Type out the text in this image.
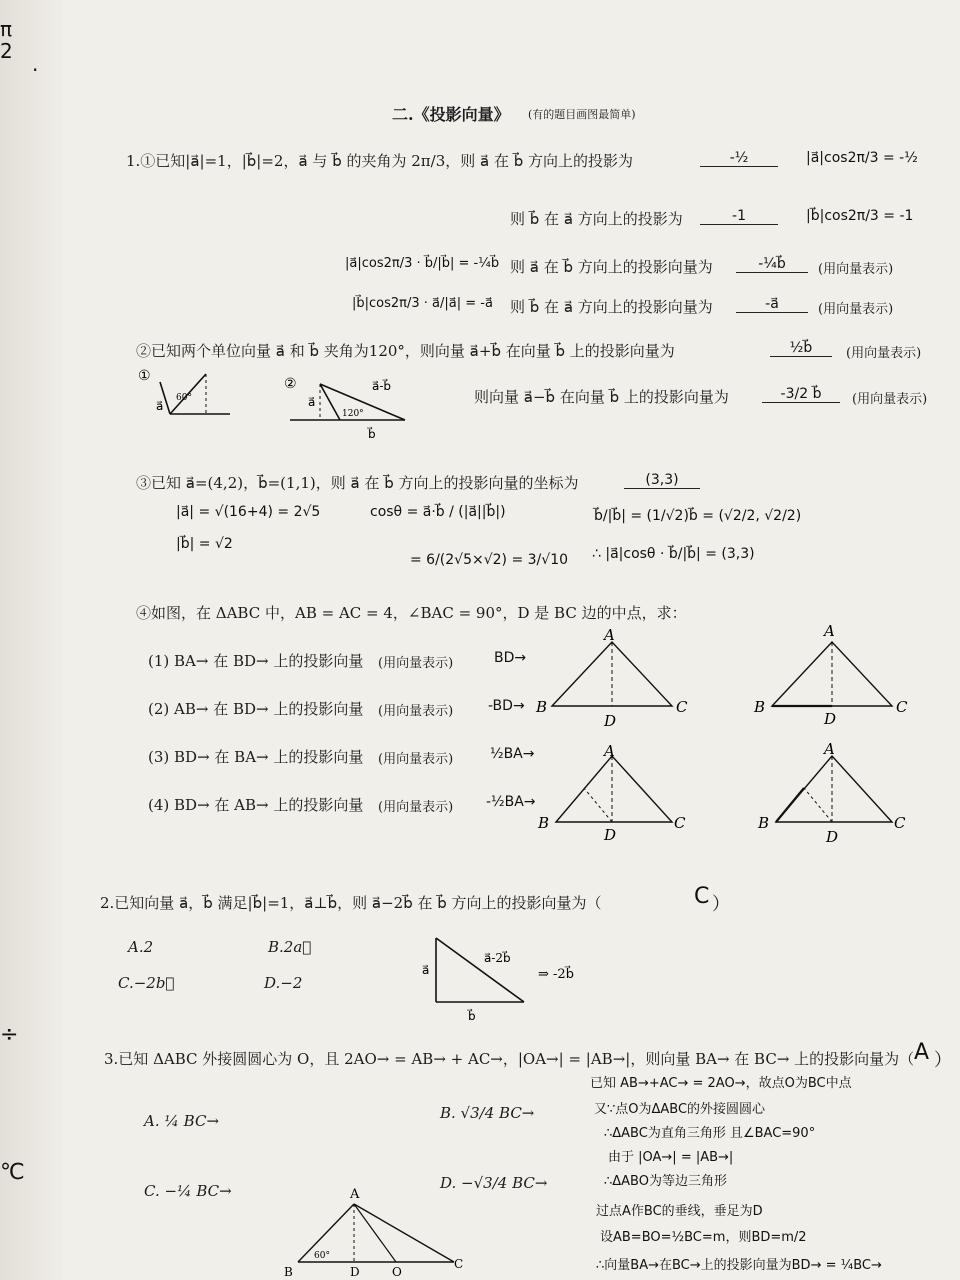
π
2
.
÷
℃
二.《投影向量》 (有的题目画图最简单)
1.①已知|a⃗|=1，|b⃗|=2，a⃗ 与 b⃗ 的夹角为 2π/3，则 a⃗ 在 b⃗ 方向上的投影为	-½	|a⃗|cos2π/3 = -½
则 b⃗ 在 a⃗ 方向上的投影为	-1	|b⃗|cos2π/3 = -1
|a⃗|cos2π/3 · b⃗/|b⃗| = -¼b⃗ 则 a⃗ 在 b⃗ 方向上的投影向量为	-¼b⃗	(用向量表示)
|b⃗|cos2π/3 · a⃗/|a⃗| = -a⃗ 则 b⃗ 在 a⃗ 方向上的投影向量为	-a⃗	(用向量表示)
②已知两个单位向量 a⃗ 和 b⃗ 夹角为120°，则向量 a⃗+b⃗ 在向量 b⃗ 上的投影向量为	½b⃗	(用向量表示)
则向量 a⃗−b⃗ 在向量 b⃗ 上的投影向量为	-3/2 b⃗	(用向量表示)
①
a⃗
60°
②
a⃗
a⃗-b⃗
120°
b⃗
③已知 a⃗=(4,2)，b⃗=(1,1)，则 a⃗ 在 b⃗ 方向上的投影向量的坐标为	(3,3)
|a⃗| = √(16+4) = 2√5
|b⃗| = √2
cosθ = a⃗·b⃗ / (|a⃗||b⃗|)
= 6/(2√5×√2) = 3/√10
b⃗/|b⃗| = (1/√2)b⃗ = (√2/2, √2/2)
∴ |a⃗|cosθ · b⃗/|b⃗| = (3,3)
④如图，在 ΔABC 中，AB = AC = 4，∠BAC = 90°，D 是 BC 边的中点，求：
(1) BA→ 在 BD→ 上的投影向量 (用向量表示)	BD→
(2) AB→ 在 BD→ 上的投影向量 (用向量表示) -BD→
(3) BD→ 在 BA→ 上的投影向量 (用向量表示)	½BA→
(4) BD→ 在 AB→ 上的投影向量 (用向量表示) -½BA→
A
B	C
D
A
B	C
D
A
B	C
D
A
B	C
D
2.已知向量 a⃗，b⃗ 满足|b⃗|=1，a⃗⊥b⃗，则 a⃗−2b⃗ 在 b⃗ 方向上的投影向量为（	C ）
A.2	B.2a⃗
C.−2b⃗	D.−2
a⃗
a⃗-2b⃗
b⃗
⇒ -2b⃗
3.已知 ΔABC 外接圆圆心为 O，且 2AO→ = AB→ + AC→，|OA→| = |AB→|，则向量 BA→ 在 BC→ 上的投影向量为（ A ）
A. ¼ BC→	B. √3/4 BC→
C. −¼ BC→	D. −√3/4 BC→
已知 AB→+AC→ = 2AO→，故点O为BC中点
又∵点O为ΔABC的外接圆圆心
∴ΔABC为直角三角形 且∠BAC=90°
由于 |OA→| = |AB→|
∴ΔABO为等边三角形
过点A作BC的垂线，垂足为D
设AB=BO=½BC=m，则BD=m/2
∴向量BA→在BC→上的投影向量为BD→ = ¼BC→
A
B	D	O
C
60°
